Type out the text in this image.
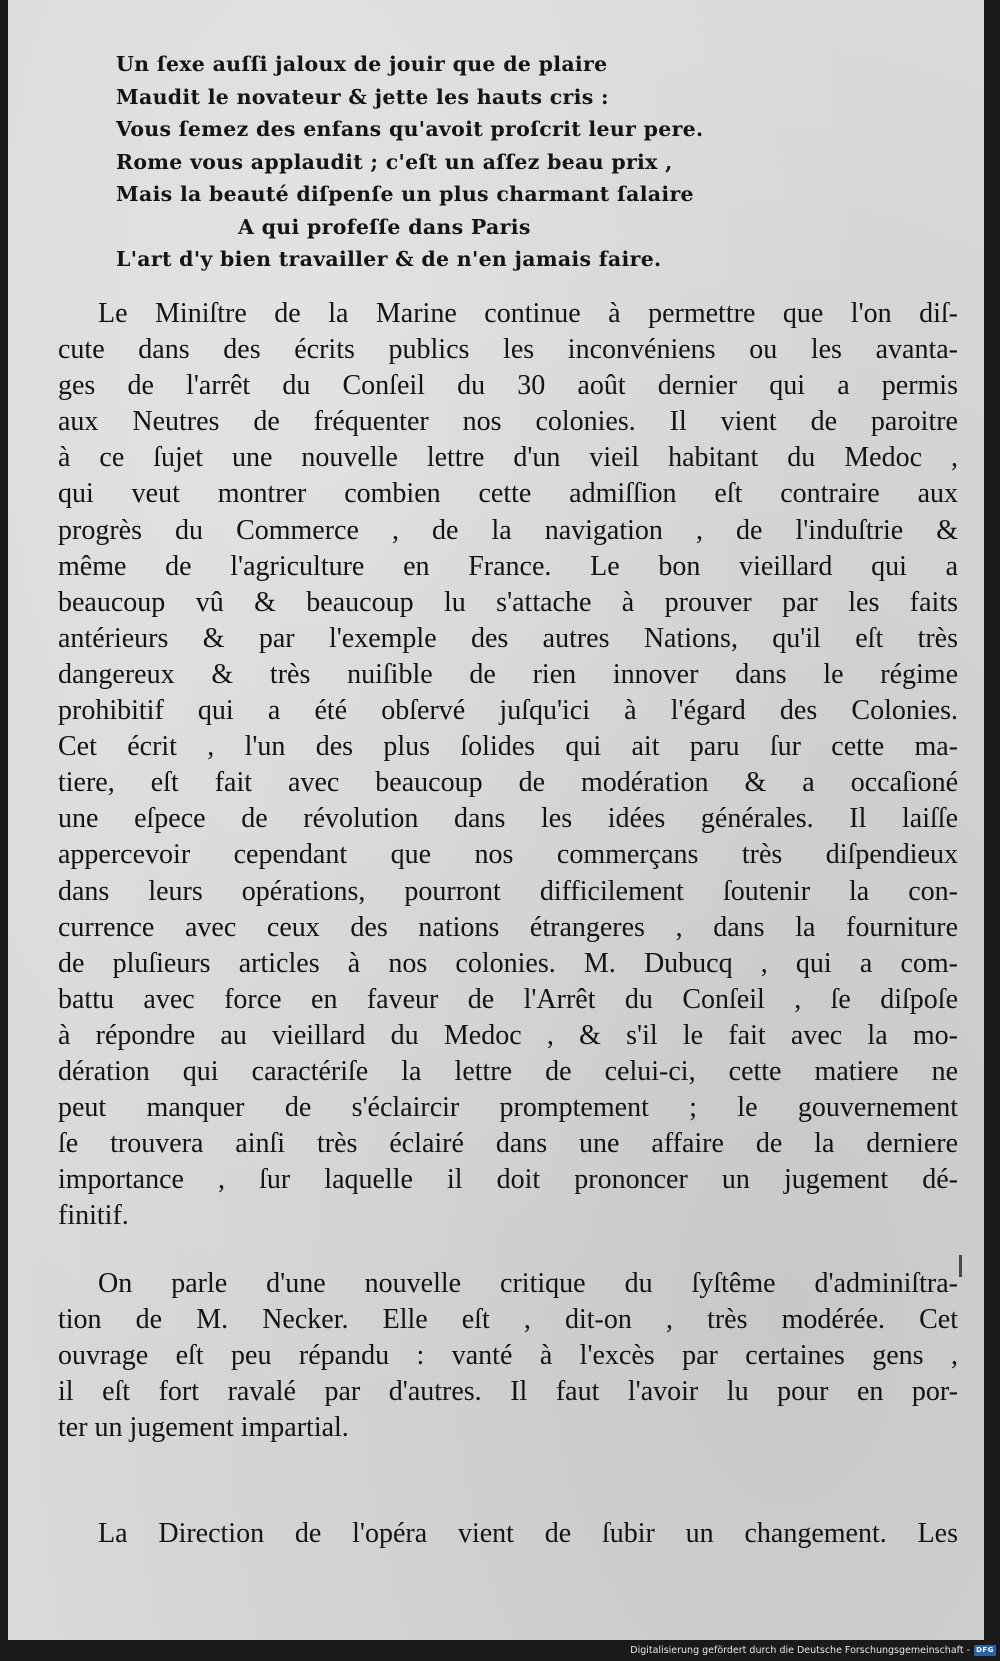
Un ſexe auſſi jaloux de jouir que de plaire
Maudit le novateur & jette les hauts cris :
Vous ſemez des enfans qu'avoit proſcrit leur pere.
Rome vous applaudit ; c'eſt un aſſez beau prix ,
Mais la beauté diſpenſe un plus charmant ſalaire
A qui profeſſe dans Paris
L'art d'y bien travailler & de n'en jamais faire.
Le Miniſtre de la Marine continue à permettre que l'on diſ-
cute dans des écrits publics les inconvéniens ou les avanta-
ges de l'arrêt du Conſeil du 30 août dernier qui a permis
aux Neutres de fréquenter nos colonies. Il vient de paroitre
à ce ſujet une nouvelle lettre d'un vieil habitant du Medoc ,
qui veut montrer combien cette admiſſion eſt contraire aux
progrès du Commerce , de la navigation , de l'induſtrie &
même de l'agriculture en France. Le bon vieillard qui a
beaucoup vû & beaucoup lu s'attache à prouver par les faits
antérieurs & par l'exemple des autres Nations, qu'il eſt très
dangereux & très nuiſible de rien innover dans le régime
prohibitif qui a été obſervé juſqu'ici à l'égard des Colonies.
Cet écrit , l'un des plus ſolides qui ait paru ſur cette ma-
tiere, eſt fait avec beaucoup de modération & a occaſioné
une eſpece de révolution dans les idées générales. Il laiſſe
appercevoir cependant que nos commerçans très diſpendieux
dans leurs opérations, pourront difficilement ſoutenir la con-
currence avec ceux des nations étrangeres , dans la fourniture
de pluſieurs articles à nos colonies. M. Dubucq , qui a com-
battu avec force en faveur de l'Arrêt du Conſeil , ſe diſpoſe
à répondre au vieillard du Medoc , & s'il le fait avec la mo-
dération qui caractériſe la lettre de celui-ci, cette matiere ne
peut manquer de s'éclaircir promptement ; le gouvernement
ſe trouvera ainſi très éclairé dans une affaire de la derniere
importance , ſur laquelle il doit prononcer un jugement dé-
finitif.
On parle d'une nouvelle critique du ſyſtême d'adminiſtra-
tion de M. Necker. Elle eſt , dit-on , très modérée. Cet
ouvrage eſt peu répandu : vanté à l'excès par certaines gens ,
il eſt fort ravalé par d'autres. Il faut l'avoir lu pour en por-
ter un jugement impartial.
La Direction de l'opéra vient de ſubir un changement. Les
Digitalisierung gefördert durch die Deutsche Forschungsgemeinschaft - DFG
